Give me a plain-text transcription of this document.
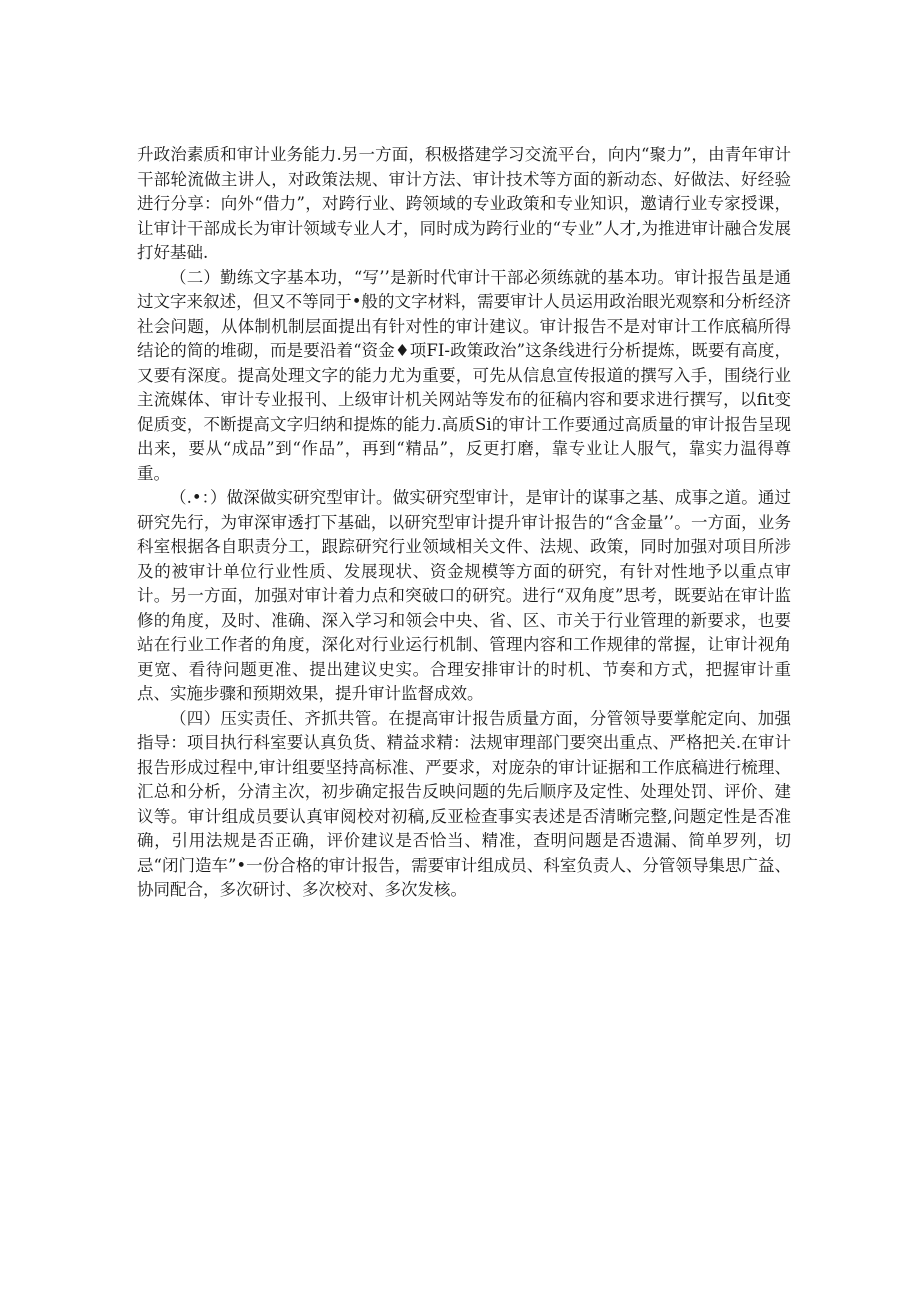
升政治素质和审计业务能力.另一方面，积极搭建学习交流平台，向内“聚力”，由青年审计干部轮流做主讲人，对政策法规、审计方法、审计技术等方面的新动态、好做法、好经验进行分享：向外“借力”，对跨行业、跨领域的专业政策和专业知识，邀请行业专家授课，让审计干部成长为审计领域专业人才，同时成为跨行业的“专业”人才,为推进审计融合发展打好基础.

（二）勤练文字基本功，“写’’是新时代审计干部必须练就的基本功。审计报告虽是通过文字来叙述，但又不等同于•般的文字材料，需要审计人员运用政治眼光观察和分析经济社会问题，从体制机制层面提出有针对性的审计建议。审计报告不是对审计工作底稿所得结论的简的堆砌，而是要沿着“资金♦项FI-政策政治”这条线进行分析提炼，既要有高度，又要有深度。提高处理文字的能力尤为重要，可先从信息宣传报道的撰写入手，围绕行业主流媒体、审计专业报刊、上级审计机关网站等发布的征稿内容和要求进行撰写，以fit变促质变，不断提高文字归纳和提炼的能力.高质Si的审计工作要通过高质量的审计报告呈现出来，要从“成品”到“作品”，再到“精品”，反更打磨，靠专业让人服气，靠实力温得尊重。

（.•：）做深做实研究型审计。做实研究型审计，是审计的谋事之基、成事之道。通过研究先行，为审深审透打下基础，以研究型审计提升审计报告的“含金量’’。一方面，业务科室根据各自职责分工，跟踪研究行业领域相关文件、法规、政策，同时加强对项目所涉及的被审计单位行业性质、发展现状、资金规模等方面的研究，有针对性地予以重点审计。另一方面，加强对审计着力点和突破口的研究。进行“双角度”思考，既要站在审计监修的角度，及时、准确、深入学习和领会中央、省、区、市关于行业管理的新要求，也要站在行业工作者的角度，深化对行业运行机制、管理内容和工作规律的常握，让审计视角更宽、看待问题更准、提出建议史实。合理安排审计的时机、节奏和方式，把握审计重点、实施步骤和预期效果，提升审计监督成效。

（四）压实责任、齐抓共管。在提高审计报告质量方面，分管领导要掌舵定向、加强指导：项目执行科室要认真负货、精益求精：法规审理部门要突出重点、严格把关.在审计报告形成过程中,审计组要坚持高标准、严要求，对庞杂的审计证据和工作底稿进行梳理、汇总和分析，分清主次，初步确定报告反映问题的先后顺序及定性、处理处罚、评价、建议等。审计组成员要认真审阅校对初稿,反亚检查事实表述是否清晰完整,问题定性是否准确，引用法规是否正确，评价建议是否恰当、精准，查明问题是否遗漏、简单罗列，切忌“闭门造车”•一份合格的审计报告，需要审计组成员、科室负责人、分管领导集思广益、协同配合，多次研讨、多次校对、多次发核。
